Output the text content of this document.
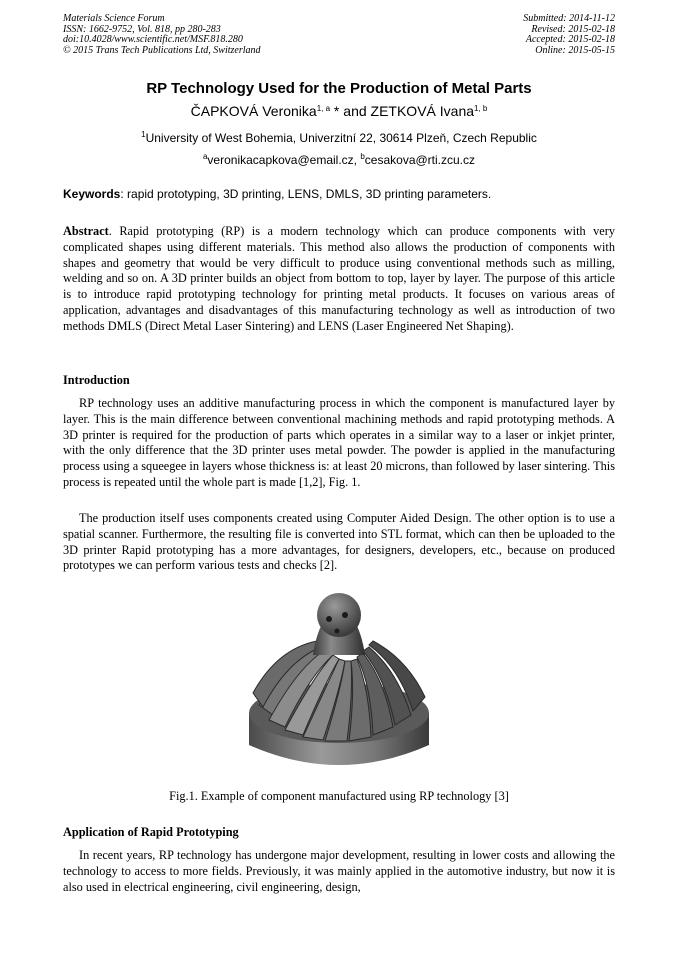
Materials Science Forum
ISSN: 1662-9752, Vol. 818, pp 280-283
doi:10.4028/www.scientific.net/MSF.818.280
© 2015 Trans Tech Publications Ltd, Switzerland
Submitted: 2014-11-12
Revised: 2015-02-18
Accepted: 2015-02-18
Online: 2015-05-15
RP Technology Used for the Production of Metal Parts
ČAPKOVÁ Veronika$^{1, a}$ * and ZETKOVÁ Ivana$^{1, b}$
$^1$University of West Bohemia, Univerzitní 22, 30614 Plzeň, Czech Republic
$^a$veronikacapkova@email.cz, $^b$cesakova@rti.zcu.cz
Keywords: rapid prototyping, 3D printing, LENS, DMLS, 3D printing parameters.

Abstract. Rapid prototyping (RP) is a modern technology which can produce components with very complicated shapes using different materials. This method also allows the production of components with shapes and geometry that would be very difficult to produce using conventional methods such as milling, welding and so on. A 3D printer builds an object from bottom to top, layer by layer. The purpose of this article is to introduce rapid prototyping technology for printing metal products. It focuses on various areas of application, advantages and disadvantages of this manufacturing technology as well as introduction of two methods DMLS (Direct Metal Laser Sintering) and LENS (Laser Engineered Net Shaping).

Introduction

RP technology uses an additive manufacturing process in which the component is manufactured layer by layer. This is the main difference between conventional machining methods and rapid prototyping methods. A 3D printer is required for the production of parts which operates in a similar way to a laser or inkjet printer, with the only difference that the 3D printer uses metal powder. The powder is applied in the manufacturing process using a squeegee in layers whose thickness is: at least 20 microns, than followed by laser sintering. This process is repeated until the whole part is made [1,2], Fig. 1.

The production itself uses components created using Computer Aided Design. The other option is to use a spatial scanner. Furthermore, the resulting file is converted into STL format, which can then be uploaded to the 3D printer Rapid prototyping has a more advantages, for designers, developers, etc., because on produced prototypes we can perform various tests and checks [2].

Fig.1. Example of component manufactured using RP technology [3]
Application of Rapid Prototyping

In recent years, RP technology has undergone major development, resulting in lower costs and allowing the technology to access to more fields. Previously, it was mainly applied in the automotive industry, but now it is also used in electrical engineering, civil engineering, design,
